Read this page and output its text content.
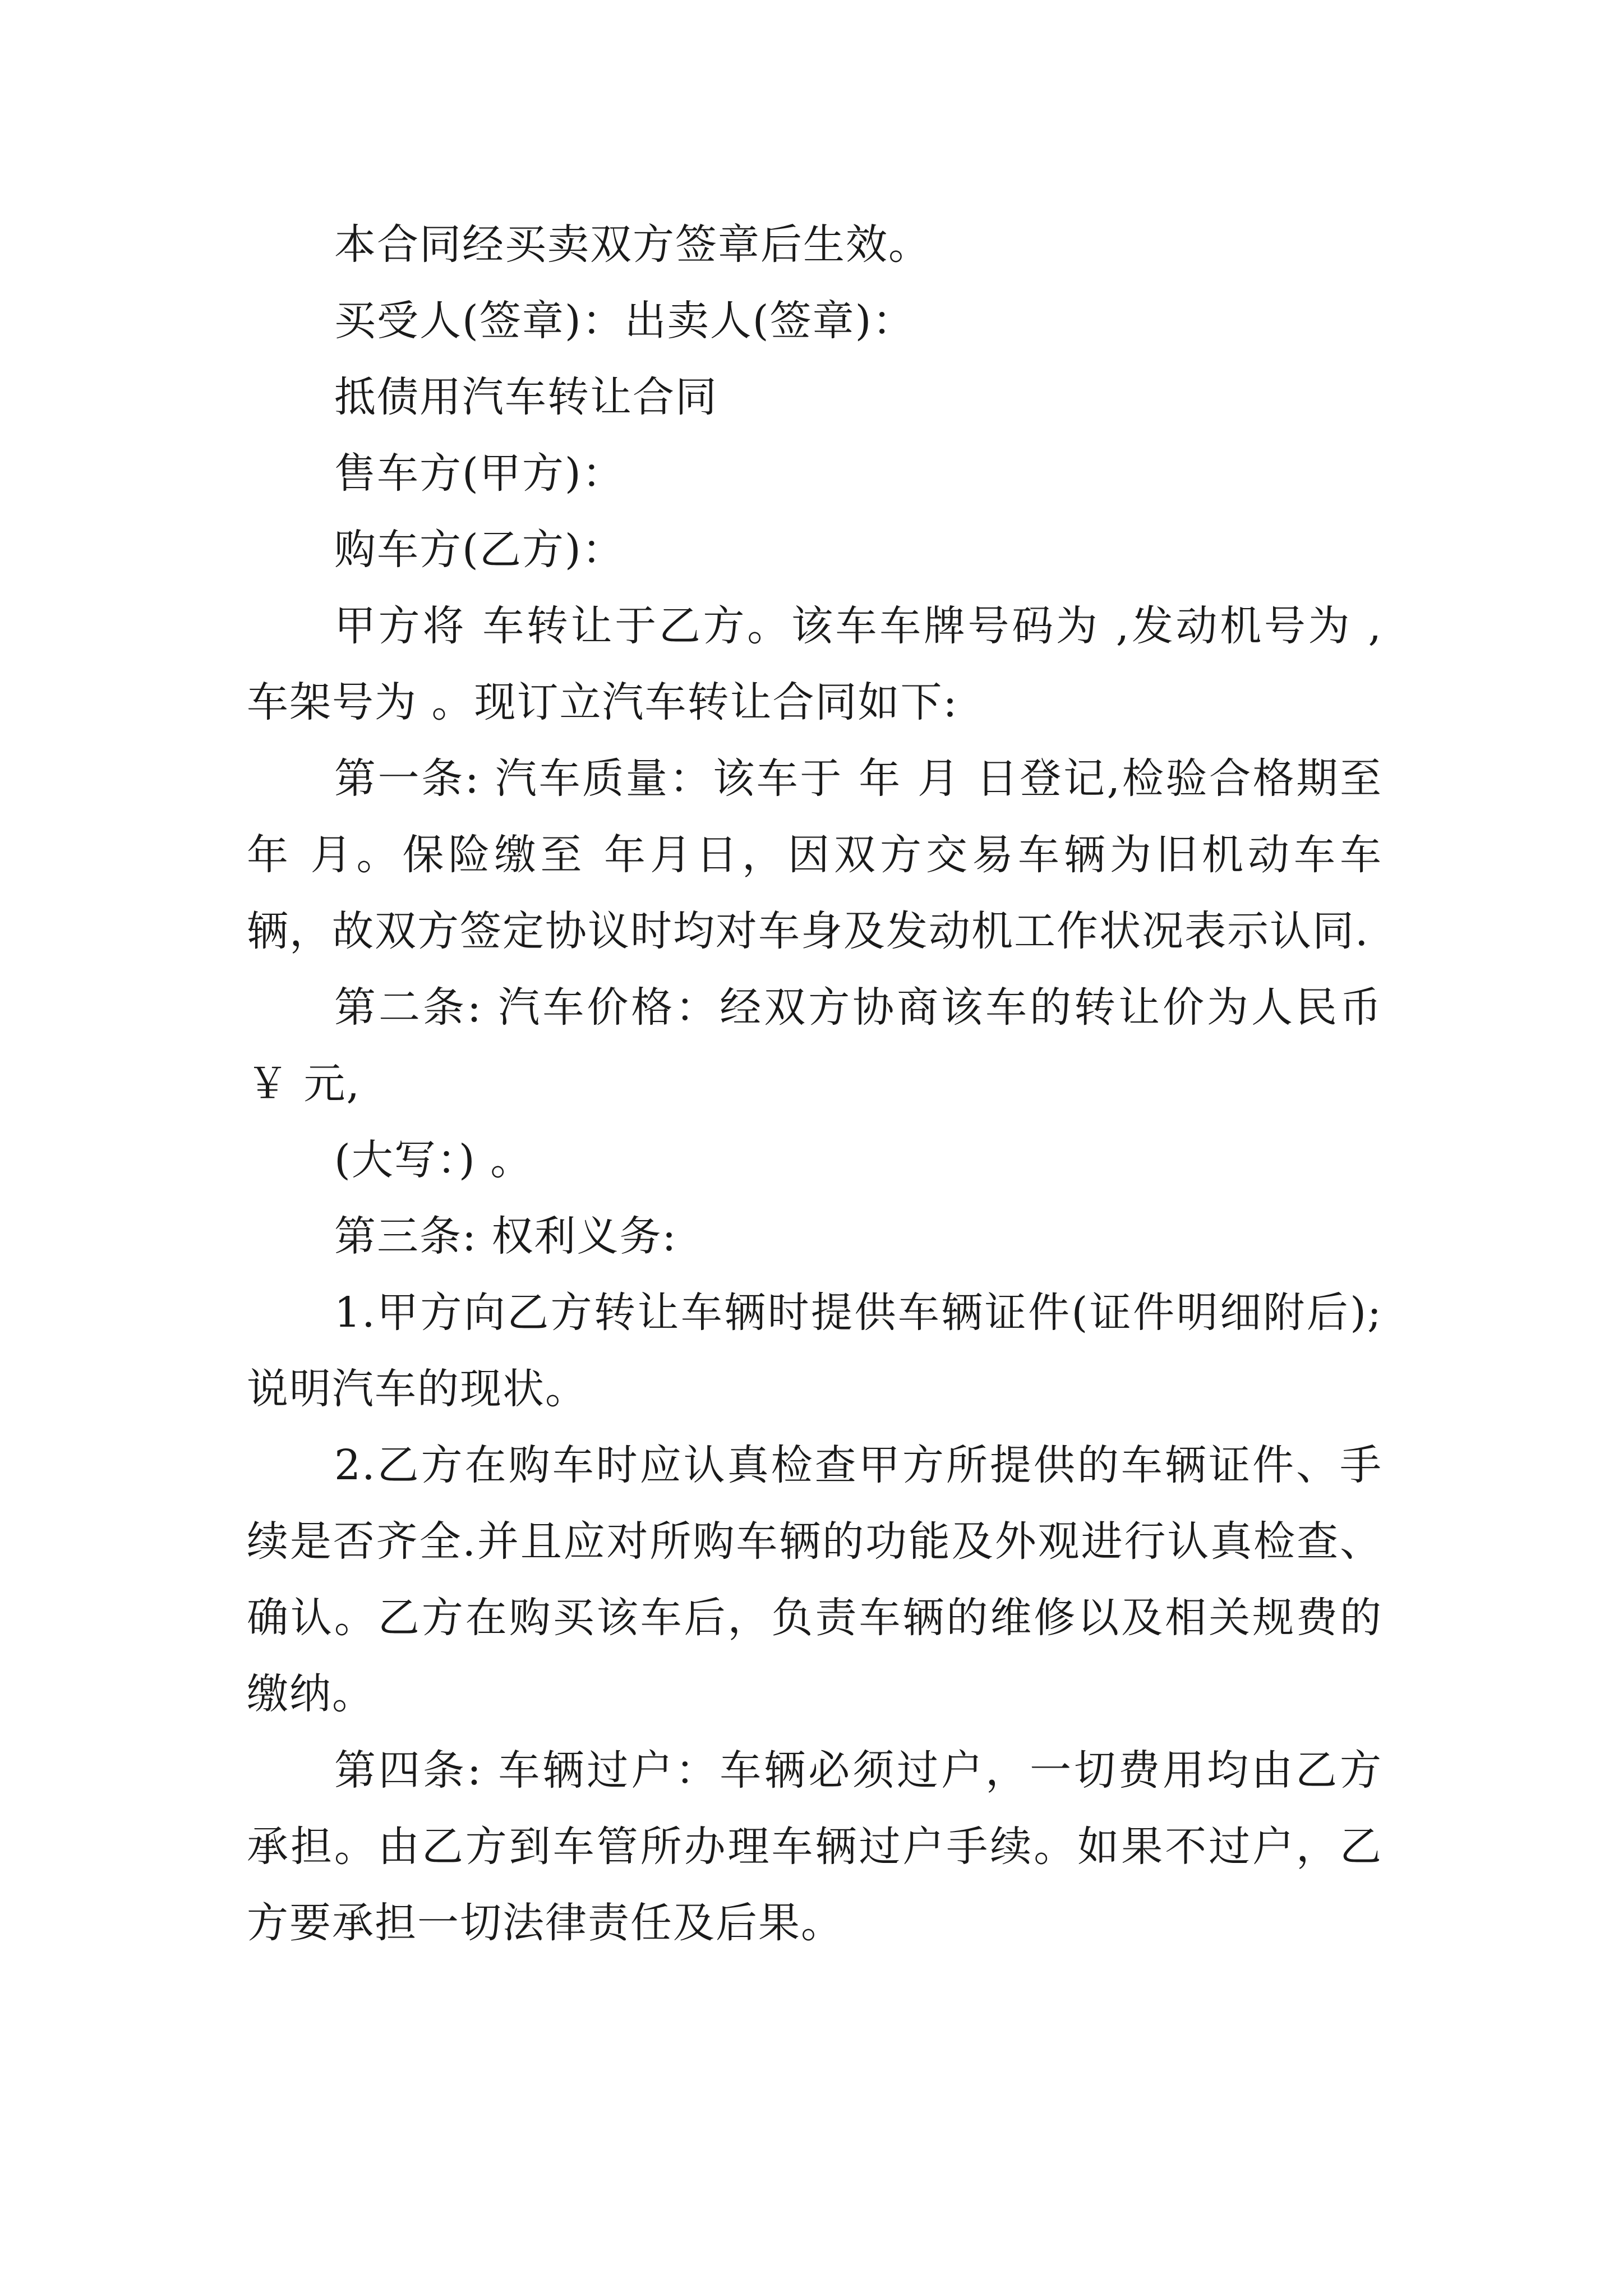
本合同经买卖双方签章后生效。

买受人(签章)：出卖人(签章)：

抵债用汽车转让合同

售车方(甲方)：

购车方(乙方)：

甲方将 车转让于乙方。该车车牌号码为 ,发动机号为 ,车架号为 。现订立汽车转让合同如下:

第一条: 汽车质量：该车于 年 月 日登记,检验合格期至 年 月。保险缴至 年月日，因双方交易车辆为旧机动车车辆，故双方签定协议时均对车身及发动机工作状况表示认同.

第二条: 汽车价格：经双方协商该车的转让价为人民币￥ 元,

(大写：) 。

第三条: 权利义务:

1.甲方向乙方转让车辆时提供车辆证件(证件明细附后);说明汽车的现状。

2.乙方在购车时应认真检查甲方所提供的车辆证件、手续是否齐全.并且应对所购车辆的功能及外观进行认真检查、确认。乙方在购买该车后，负责车辆的维修以及相关规费的缴纳。

第四条: 车辆过户：车辆必须过户，一切费用均由乙方承担。由乙方到车管所办理车辆过户手续。如果不过户，乙方要承担一切法律责任及后果。
